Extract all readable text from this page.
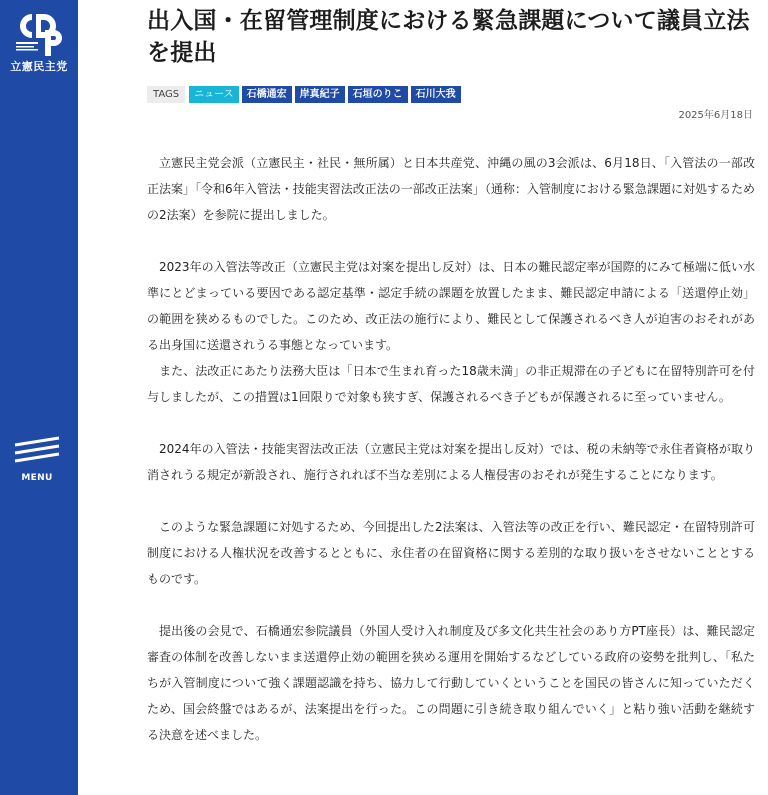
立憲民主党
MENU
出入国・在留管理制度における緊急課題について議員立法を提出
TAGS	ニュース	石橋通宏	岸真紀子	石垣のりこ	石川大我
2025年6月18日

立憲民主党会派（立憲民主・社民・無所属）と日本共産党、沖縄の風の3会派は、6月18日、「入管法の一部改正法案」「令和6年入管法・技能実習法改正法の一部改正法案」（通称：入管制度における緊急課題に対処するための2法案）を参院に提出しました。

2023年の入管法等改正（立憲民主党は対案を提出し反対）は、日本の難民認定率が国際的にみて極端に低い水準にとどまっている要因である認定基準・認定手続の課題を放置したまま、難民認定申請による「送還停止効」の範囲を狭めるものでした。このため、改正法の施行により、難民として保護されるべき人が迫害のおそれがある出身国に送還されうる事態となっています。

また、法改正にあたり法務大臣は「日本で生まれ育った18歳未満」の非正規滞在の子どもに在留特別許可を付与しましたが、この措置は1回限りで対象も狭すぎ、保護されるべき子どもが保護されるに至っていません。

2024年の入管法・技能実習法改正法（立憲民主党は対案を提出し反対）では、税の未納等で永住者資格が取り消されうる規定が新設され、施行されれば不当な差別による人権侵害のおそれが発生することになります。

このような緊急課題に対処するため、今回提出した2法案は、入管法等の改正を行い、難民認定・在留特別許可制度における人権状況を改善するとともに、永住者の在留資格に関する差別的な取り扱いをさせないこととするものです。

提出後の会見で、石橋通宏参院議員（外国人受け入れ制度及び多文化共生社会のあり方PT座長）は、難民認定審査の体制を改善しないまま送還停止効の範囲を狭める運用を開始するなどしている政府の姿勢を批判し、「私たちが入管制度について強く課題認識を持ち、協力して行動していくということを国民の皆さんに知っていただくため、国会終盤ではあるが、法案提出を行った。この問題に引き続き取り組んでいく」と粘り強い活動を継続する決意を述べました。
